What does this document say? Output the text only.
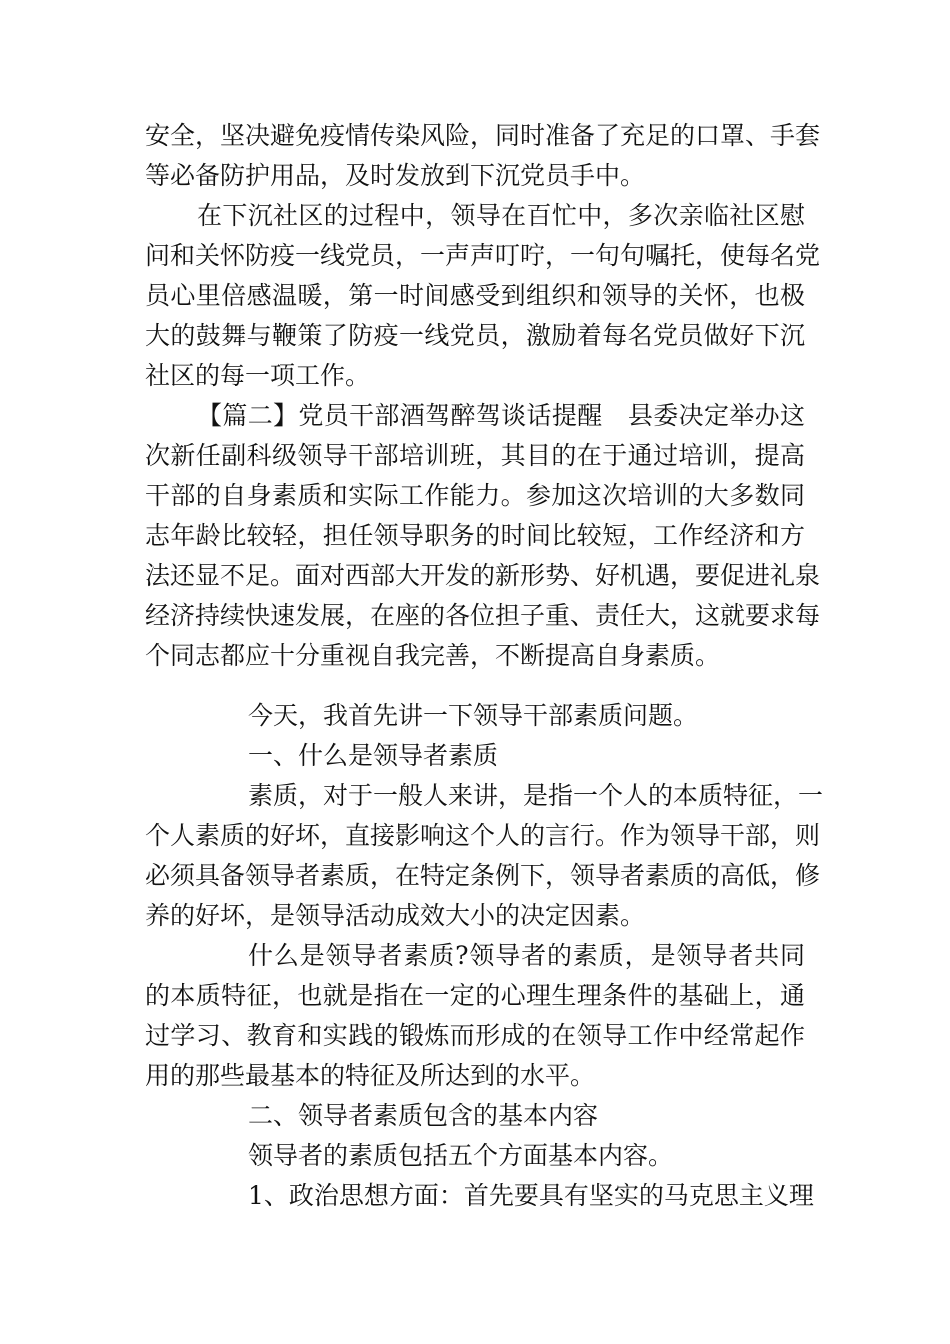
安全，坚决避免疫情传染风险，同时准备了充足的口罩、手套
等必备防护用品，及时发放到下沉党员手中。
在下沉社区的过程中，领导在百忙中，多次亲临社区慰
问和关怀防疫一线党员，一声声叮咛，一句句嘱托，使每名党
员心里倍感温暖，第一时间感受到组织和领导的关怀，也极
大的鼓舞与鞭策了防疫一线党员，激励着每名党员做好下沉
社区的每一项工作。
【篇二】党员干部酒驾醉驾谈话提醒　县委决定举办这
次新任副科级领导干部培训班，其目的在于通过培训，提高
干部的自身素质和实际工作能力。参加这次培训的大多数同
志年龄比较轻，担任领导职务的时间比较短，工作经济和方
法还显不足。面对西部大开发的新形势、好机遇，要促进礼泉
经济持续快速发展，在座的各位担子重、责任大，这就要求每
个同志都应十分重视自我完善，不断提高自身素质。
今天，我首先讲一下领导干部素质问题。
一、什么是领导者素质
素质，对于一般人来讲，是指一个人的本质特征，一
个人素质的好坏，直接影响这个人的言行。作为领导干部，则
必须具备领导者素质，在特定条例下，领导者素质的高低，修
养的好坏，是领导活动成效大小的决定因素。
什么是领导者素质?领导者的素质，是领导者共同
的本质特征，也就是指在一定的心理生理条件的基础上，通
过学习、教育和实践的锻炼而形成的在领导工作中经常起作
用的那些最基本的特征及所达到的水平。
二、领导者素质包含的基本内容
领导者的素质包括五个方面基本内容。
1、政治思想方面：首先要具有坚实的马克思主义理
